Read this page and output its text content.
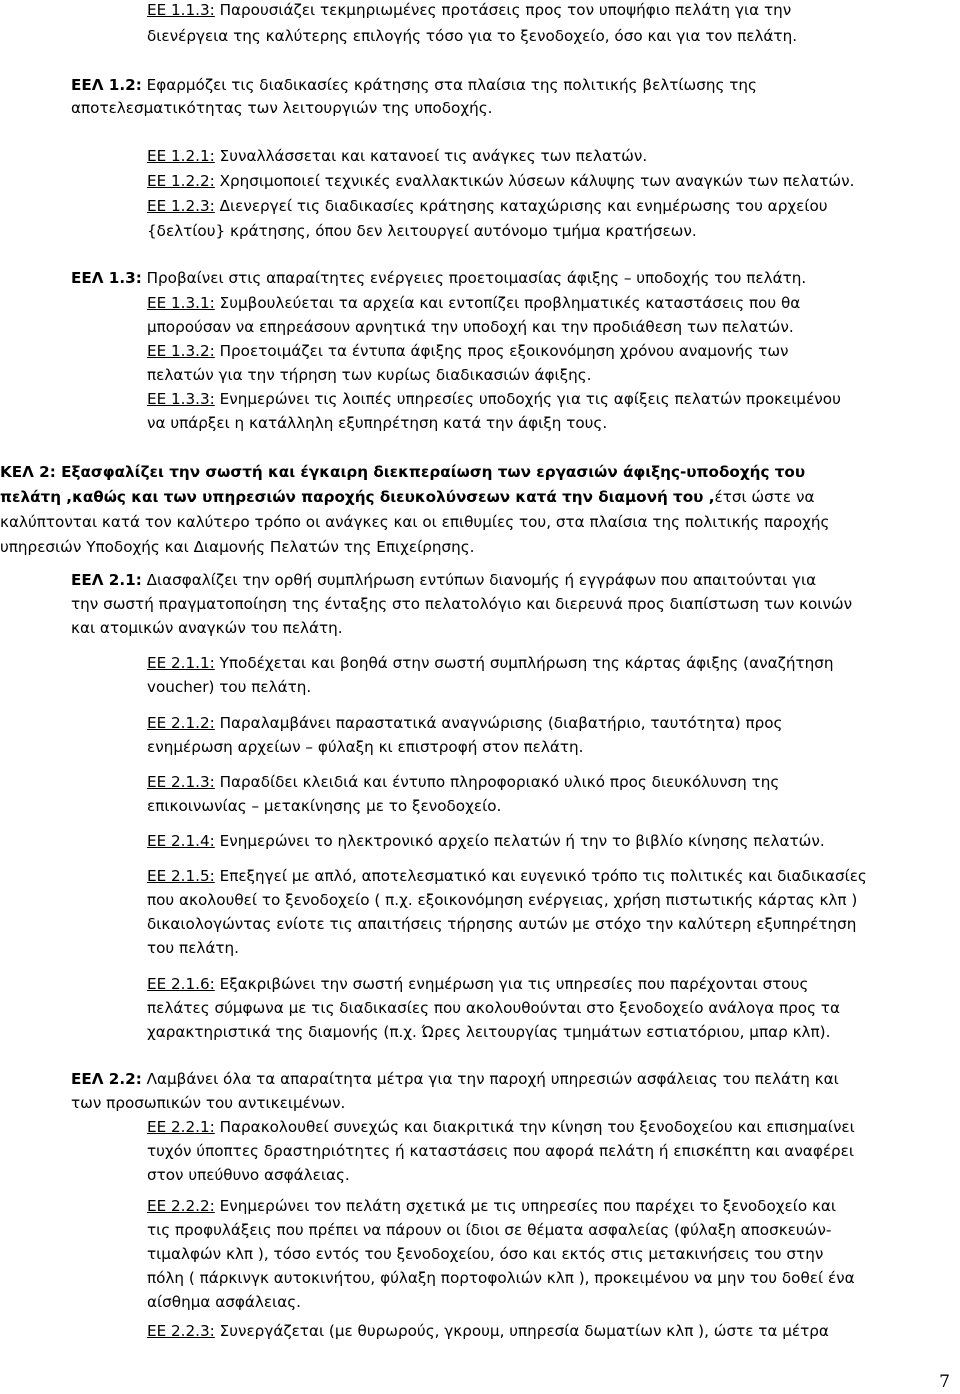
ΕΕ 1.1.3: Παρουσιάζει τεκμηριωμένες προτάσεις προς τον υποψήφιο πελάτη για την
διενέργεια της καλύτερης επιλογής τόσο για το ξενοδοχείο, όσο και για τον πελάτη.
ΕΕΛ 1.2: Εφαρμόζει τις διαδικασίες κράτησης στα πλαίσια της πολιτικής βελτίωσης της
αποτελεσματικότητας των λειτουργιών της υποδοχής.
ΕΕ 1.2.1: Συναλλάσσεται και κατανοεί τις ανάγκες των πελατών.
ΕΕ 1.2.2: Χρησιμοποιεί τεχνικές εναλλακτικών λύσεων κάλυψης των αναγκών των πελατών.
ΕΕ 1.2.3: Διενεργεί τις διαδικασίες κράτησης καταχώρισης και ενημέρωσης του αρχείου
{δελτίου} κράτησης, όπου δεν λειτουργεί αυτόνομο τμήμα κρατήσεων.
ΕΕΛ 1.3: Προβαίνει στις απαραίτητες ενέργειες προετοιμασίας άφιξης – υποδοχής του πελάτη.
ΕΕ 1.3.1: Συμβουλεύεται τα αρχεία και εντοπίζει προβληματικές καταστάσεις που θα
μπορούσαν να επηρεάσουν αρνητικά την υποδοχή και την προδιάθεση των πελατών.
ΕΕ 1.3.2: Προετοιμάζει τα έντυπα άφιξης προς εξοικονόμηση χρόνου αναμονής των
πελατών για την τήρηση των κυρίως διαδικασιών άφιξης.
ΕΕ 1.3.3: Ενημερώνει τις λοιπές υπηρεσίες υποδοχής για τις αφίξεις πελατών προκειμένου
να υπάρξει η κατάλληλη εξυπηρέτηση κατά την άφιξη τους.
ΚΕΛ 2: Εξασφαλίζει την σωστή και έγκαιρη διεκπεραίωση των εργασιών άφιξης-υποδοχής του
πελάτη ,καθώς και των υπηρεσιών παροχής διευκολύνσεων κατά την διαμονή του ,έτσι ώστε να
καλύπτονται κατά τον καλύτερο τρόπο οι ανάγκες και οι επιθυμίες του, στα πλαίσια της πολιτικής παροχής
υπηρεσιών Υποδοχής και Διαμονής Πελατών της Επιχείρησης.
ΕΕΛ 2.1: Διασφαλίζει την ορθή συμπλήρωση εντύπων διανομής ή εγγράφων που απαιτούνται για
την σωστή πραγματοποίηση της ένταξης στο πελατολόγιο και διερευνά προς διαπίστωση των κοινών
και ατομικών αναγκών του πελάτη.
ΕΕ 2.1.1: Υποδέχεται και βοηθά στην σωστή συμπλήρωση της κάρτας άφιξης (αναζήτηση
voucher) του πελάτη.
ΕΕ 2.1.2: Παραλαμβάνει παραστατικά αναγνώρισης (διαβατήριο, ταυτότητα) προς
ενημέρωση αρχείων – φύλαξη κι επιστροφή στον πελάτη.
ΕΕ 2.1.3: Παραδίδει κλειδιά και έντυπο πληροφοριακό υλικό προς διευκόλυνση της
επικοινωνίας – μετακίνησης με το ξενοδοχείο.
ΕΕ 2.1.4: Ενημερώνει το ηλεκτρονικό αρχείο πελατών ή την το βιβλίο κίνησης πελατών.
ΕΕ 2.1.5: Επεξηγεί με απλό, αποτελεσματικό και ευγενικό τρόπο τις πολιτικές και διαδικασίες
που ακολουθεί το ξενοδοχείο ( π.χ. εξοικονόμηση ενέργειας, χρήση πιστωτικής κάρτας κλπ )
δικαιολογώντας ενίοτε τις απαιτήσεις τήρησης αυτών με στόχο την καλύτερη εξυπηρέτηση
του πελάτη.
ΕΕ 2.1.6: Εξακριβώνει την σωστή ενημέρωση για τις υπηρεσίες που παρέχονται στους
πελάτες σύμφωνα με τις διαδικασίες που ακολουθούνται στο ξενοδοχείο ανάλογα προς τα
χαρακτηριστικά της διαμονής (π.χ. Ώρες λειτουργίας τμημάτων εστιατόριου, μπαρ κλπ).
ΕΕΛ 2.2: Λαμβάνει όλα τα απαραίτητα μέτρα για την παροχή υπηρεσιών ασφάλειας του πελάτη και
των προσωπικών του αντικειμένων.
ΕΕ 2.2.1: Παρακολουθεί συνεχώς και διακριτικά την κίνηση του ξενοδοχείου και επισημαίνει
τυχόν ύποπτες δραστηριότητες ή καταστάσεις που αφορά πελάτη ή επισκέπτη και αναφέρει
στον υπεύθυνο ασφάλειας.
ΕΕ 2.2.2: Ενημερώνει τον πελάτη σχετικά με τις υπηρεσίες που παρέχει το ξενοδοχείο και
τις προφυλάξεις που πρέπει να πάρουν οι ίδιοι σε θέματα ασφαλείας (φύλαξη αποσκευών-
τιμαλφών κλπ ), τόσο εντός του ξενοδοχείου, όσο και εκτός στις μετακινήσεις του στην
πόλη ( πάρκινγκ αυτοκινήτου, φύλαξη πορτοφολιών κλπ ), προκειμένου να μην του δοθεί ένα
αίσθημα ασφάλειας.
ΕΕ 2.2.3: Συνεργάζεται (με θυρωρούς, γκρουμ, υπηρεσία δωματίων κλπ ), ώστε τα μέτρα
7
